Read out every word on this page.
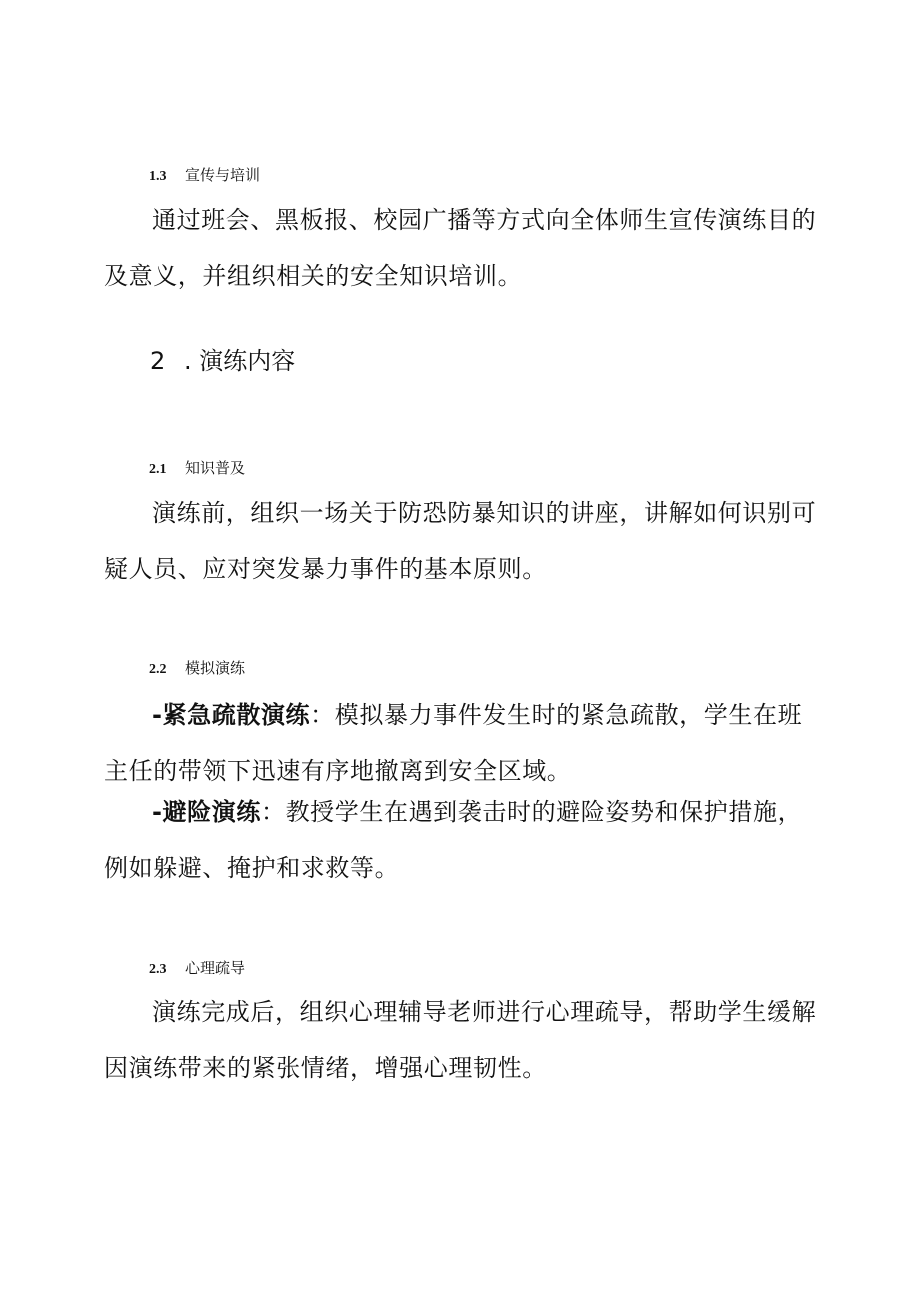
1.3 宣传与培训

通过班会、黑板报、校园广播等方式向全体师生宣传演练目的及意义，并组织相关的安全知识培训。

2 . 演练内容
2.1 知识普及

演练前，组织一场关于防恐防暴知识的讲座，讲解如何识别可疑人员、应对突发暴力事件的基本原则。

2.2 模拟演练

-紧急疏散演练：模拟暴力事件发生时的紧急疏散，学生在班主任的带领下迅速有序地撤离到安全区域。

-避险演练：教授学生在遇到袭击时的避险姿势和保护措施，例如躲避、掩护和求救等。

2.3 心理疏导

演练完成后，组织心理辅导老师进行心理疏导，帮助学生缓解因演练带来的紧张情绪，增强心理韧性。
